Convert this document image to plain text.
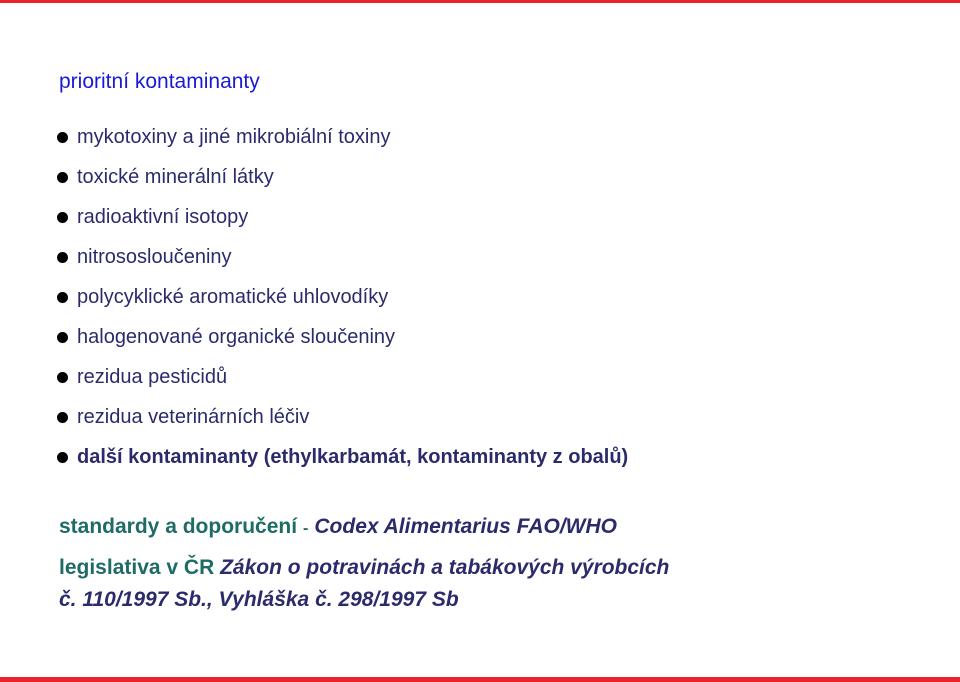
prioritní kontaminanty
mykotoxiny a jiné mikrobiální toxiny
toxické minerální látky
radioaktivní isotopy
nitrososloučeniny
polycyklické aromatické uhlovodíky
halogenované organické sloučeniny
rezidua pesticidů
rezidua veterinárních léčiv
další kontaminanty (ethylkarbamát, kontaminanty z obalů)
standardy a doporučení - Codex Alimentarius FAO/WHO
legislativa v ČR Zákon o potravinách a tabákových výrobcích
č. 110/1997 Sb., Vyhláška č. 298/1997 Sb
